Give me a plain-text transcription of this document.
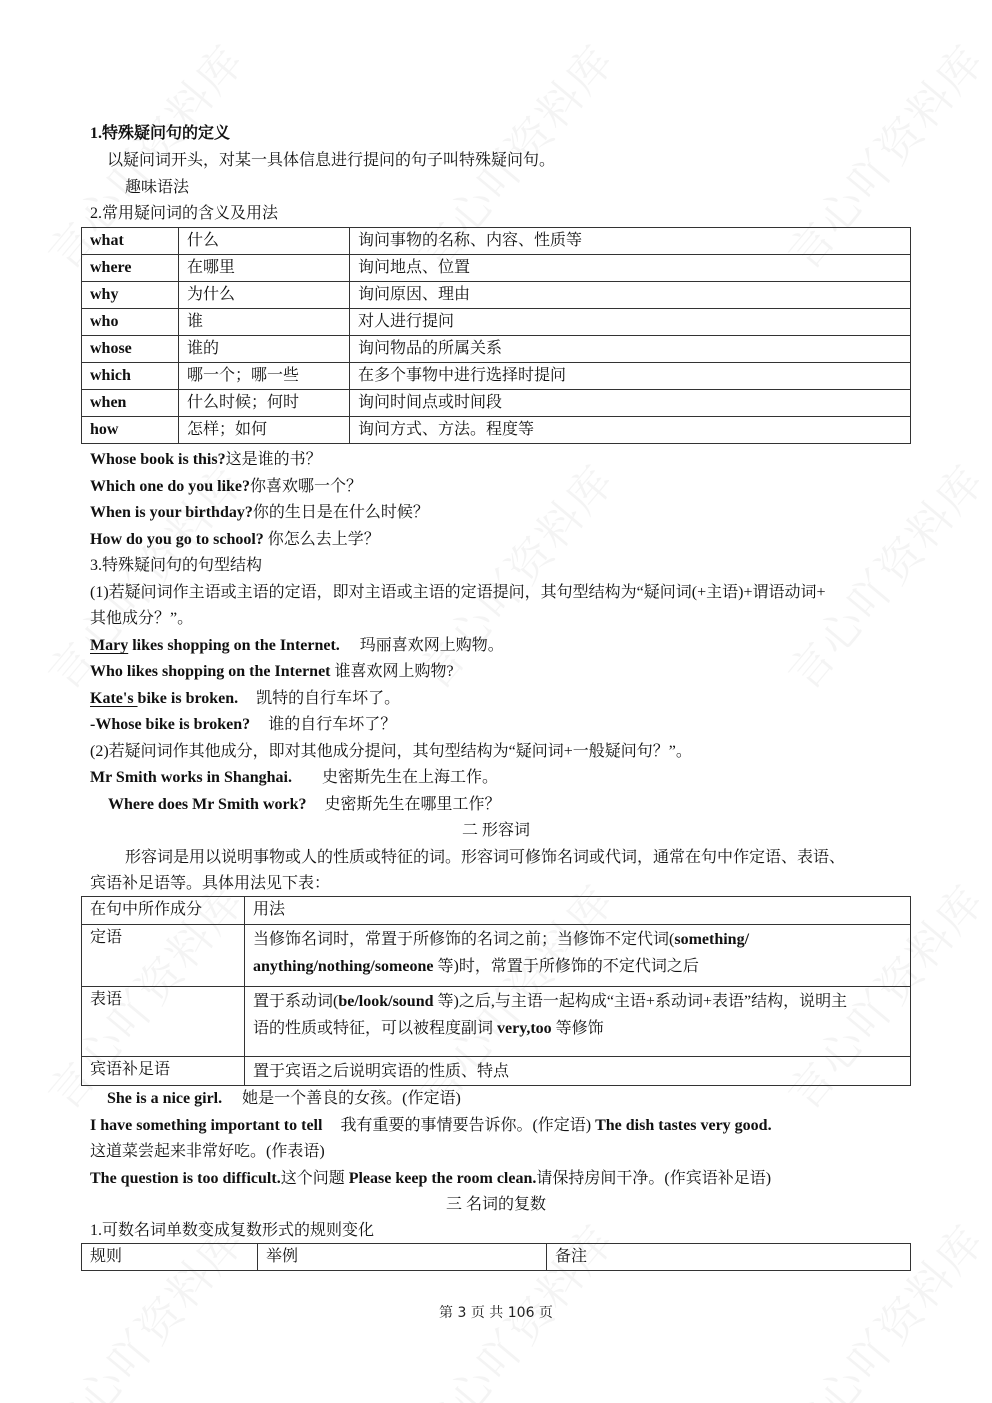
1.特殊疑问句的定义
以疑问词开头，对某一具体信息进行提问的句子叫特殊疑问句。
趣味语法
2.常用疑问词的含义及用法
what	什么	询问事物的名称、内容、性质等
where	在哪里	询问地点、位置
why	为什么	询问原因、理由
who	谁	对人进行提问
whose	谁的	询问物品的所属关系
which	哪一个；哪一些	在多个事物中进行选择时提问
when	什么时候；何时	询问时间点或时间段
how	怎样；如何	询问方式、方法。程度等
Whose book is this?这是谁的书？
Which one do you like?你喜欢哪一个？
When is your birthday?你的生日是在什么时候？
How do you go to school? 你怎么去上学？
3.特殊疑问句的句型结构
(1)若疑问词作主语或主语的定语，即对主语或主语的定语提问，其句型结构为“疑问词(+主语)+谓语动词+
其他成分？”。
Mary likes shopping on the Internet. 玛丽喜欢网上购物。
Who likes shopping on the Internet 谁喜欢网上购物?
Kate's bike is broken. 凯特的自行车坏了。
-Whose bike is broken? 谁的自行车坏了？
(2)若疑问词作其他成分，即对其他成分提问，其句型结构为“疑问词+一般疑问句？”。
Mr Smith works in Shanghai. 史密斯先生在上海工作。
Where does Mr Smith work? 史密斯先生在哪里工作？
二 形容词
形容词是用以说明事物或人的性质或特征的词。形容词可修饰名词或代词，通常在句中作定语、表语、
宾语补足语等。具体用法见下表：
在句中所作成分	用法
定语	当修饰名词时，常置于所修饰的名词之前；当修饰不定代词(something/
anything/nothing/someone 等)时，常置于所修饰的不定代词之后
表语	置于系动词(be/look/sound 等)之后,与主语一起构成“主语+系动词+表语”结构，说明主
语的性质或特征，可以被程度副词 very,too 等修饰
宾语补足语	置于宾语之后说明宾语的性质、特点
She is a nice girl. 她是一个善良的女孩。(作定语)
I have something important to tell 我有重要的事情要告诉你。(作定语) The dish tastes very good.
这道菜尝起来非常好吃。(作表语)
The question is too difficult.这个问题 Please keep the room clean.请保持房间干净。(作宾语补足语)
三 名词的复数
1.可数名词单数变成复数形式的规则变化
规则	举例	备注
第 3 页 共 106 页
